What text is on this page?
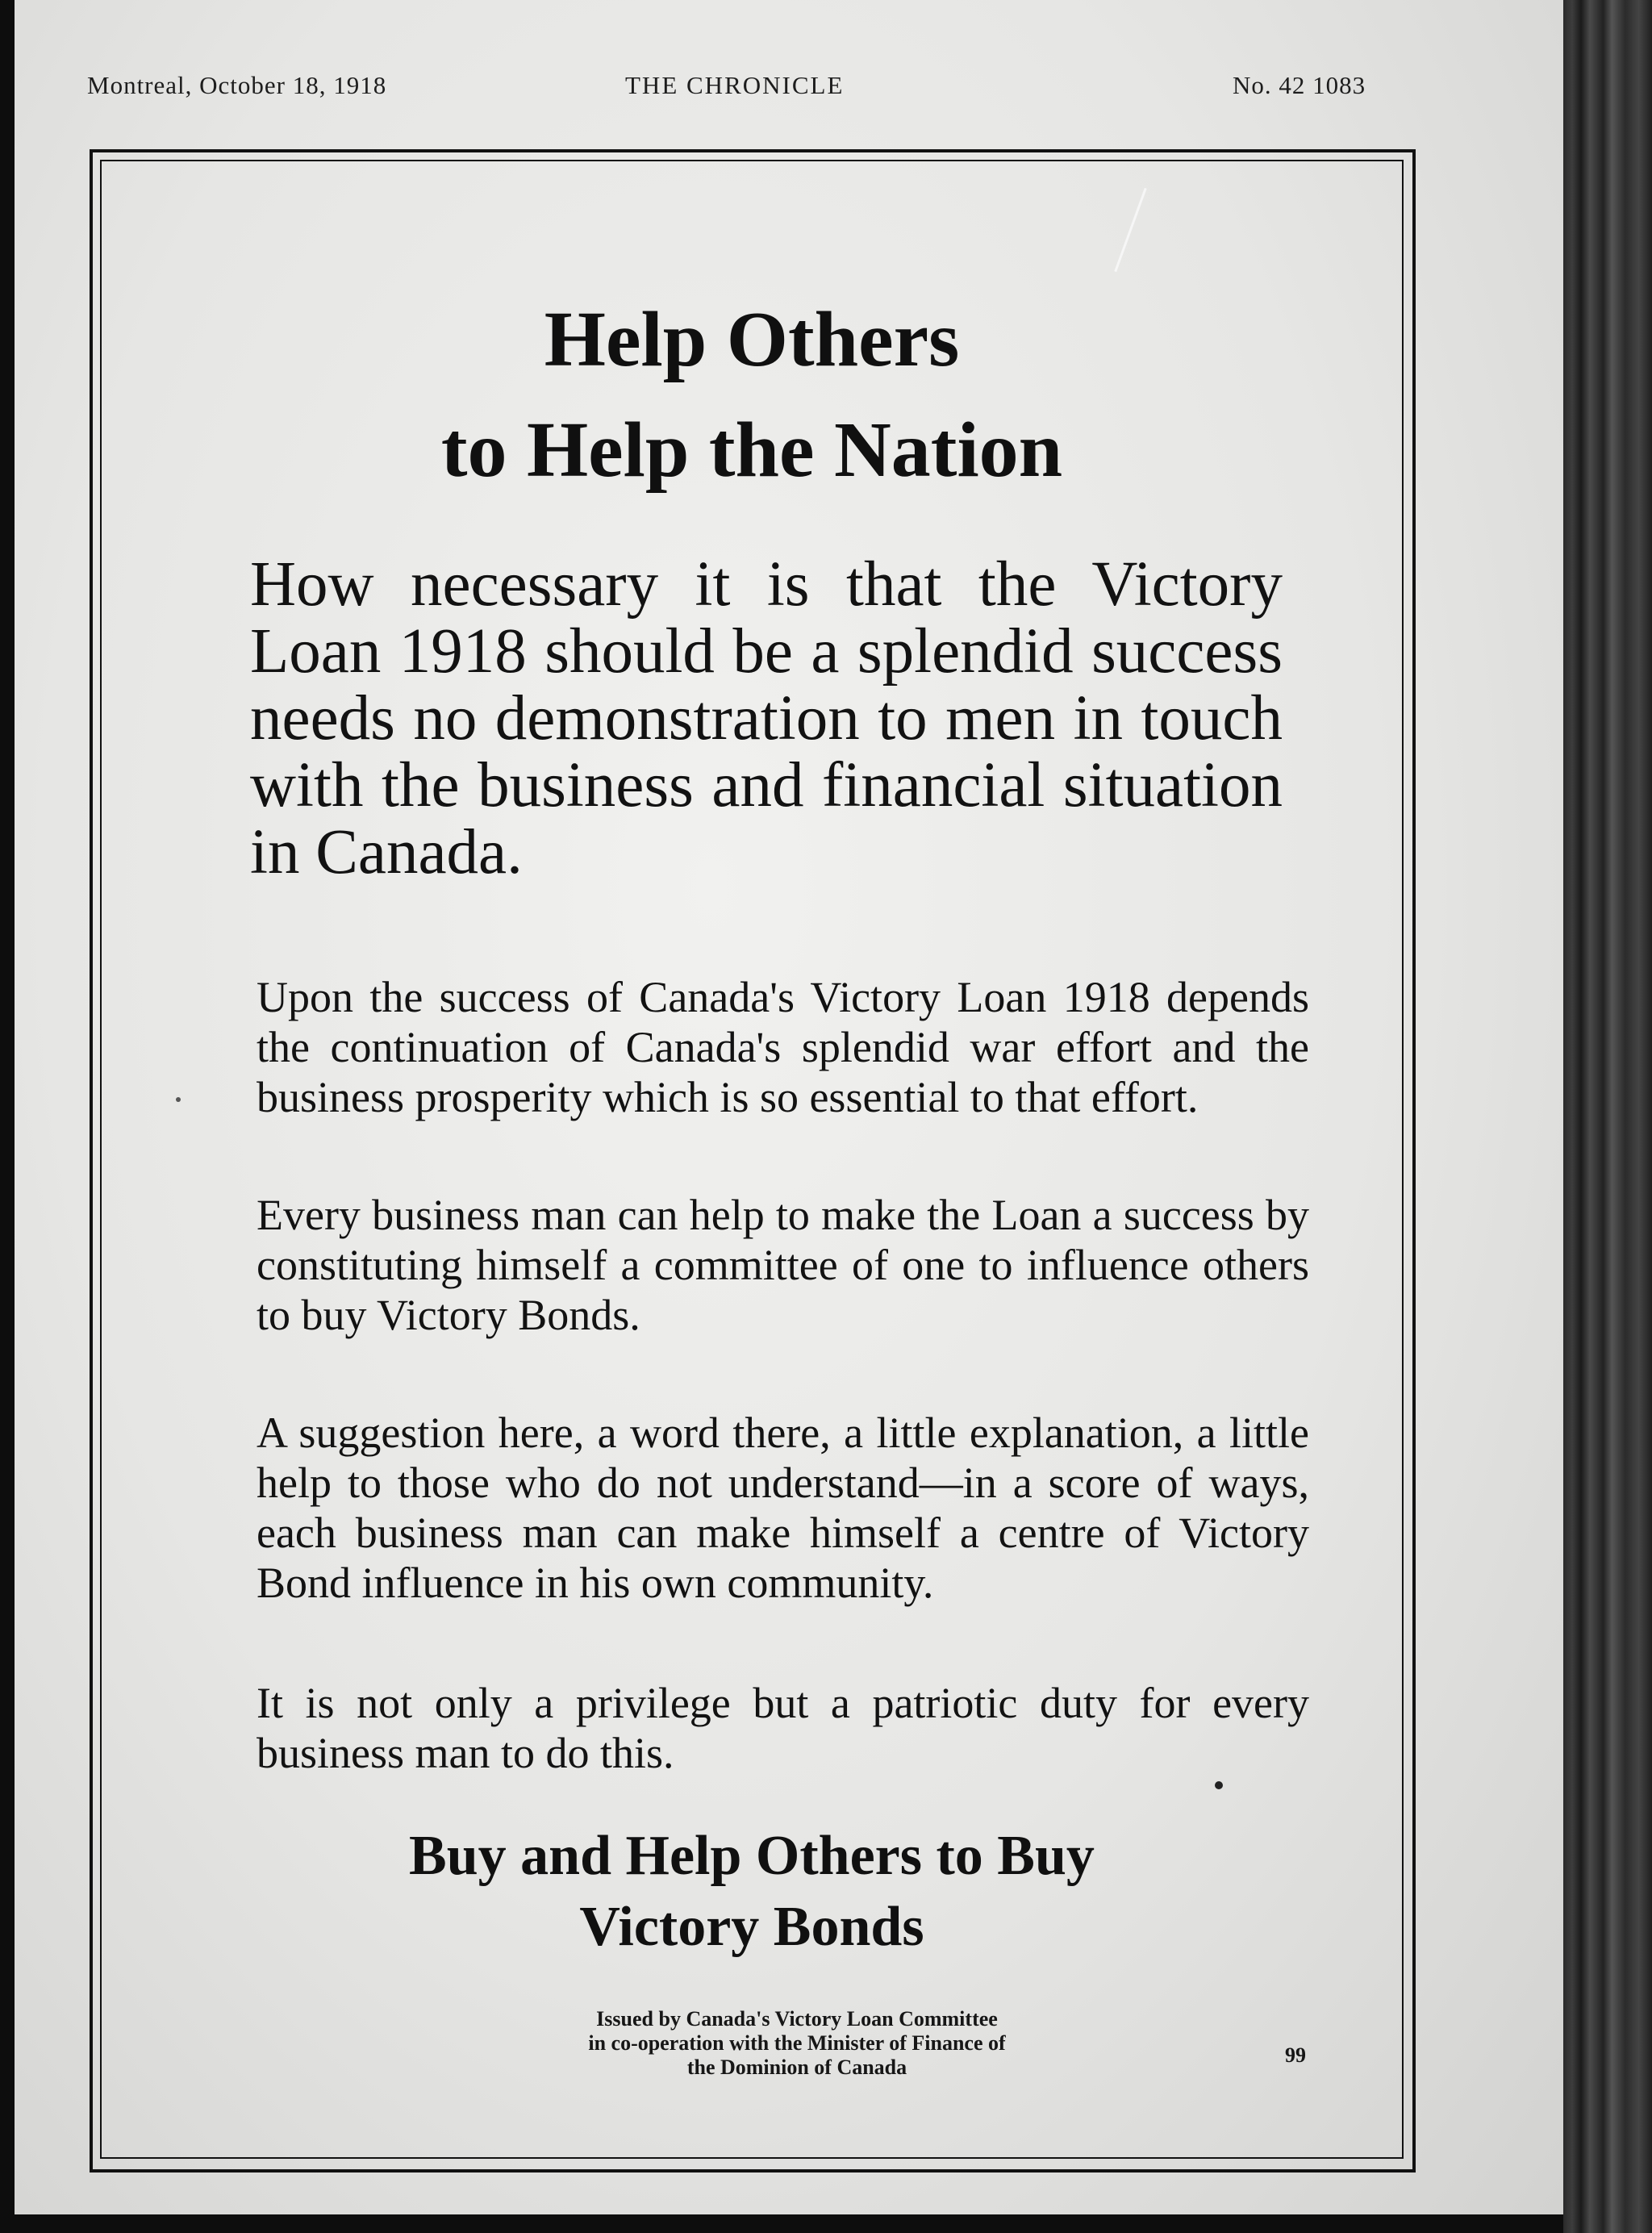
Montreal, October 18, 1918	THE CHRONICLE	No. 42 1083
Help Others
to Help the Nation
How necessary it is that the Victory Loan 1918 should be a splendid success needs no demonstration to men in touch with the business and financial situation in Canada.
Upon the success of Canada's Victory Loan 1918 depends the continuation of Canada's splendid war effort and the business prosperity which is so essential to that effort.
Every business man can help to make the Loan a success by constituting himself a committee of one to influence others to buy Victory Bonds.
A suggestion here, a word there, a little explanation, a little help to those who do not understand—in a score of ways, each business man can make himself a centre of Victory Bond influence in his own community.
It is not only a privilege but a patriotic duty for every business man to do this.
Buy and Help Others to Buy
Victory Bonds
Issued by Canada's Victory Loan Committee
in co-operation with the Minister of Finance of
the Dominion of Canada
99
